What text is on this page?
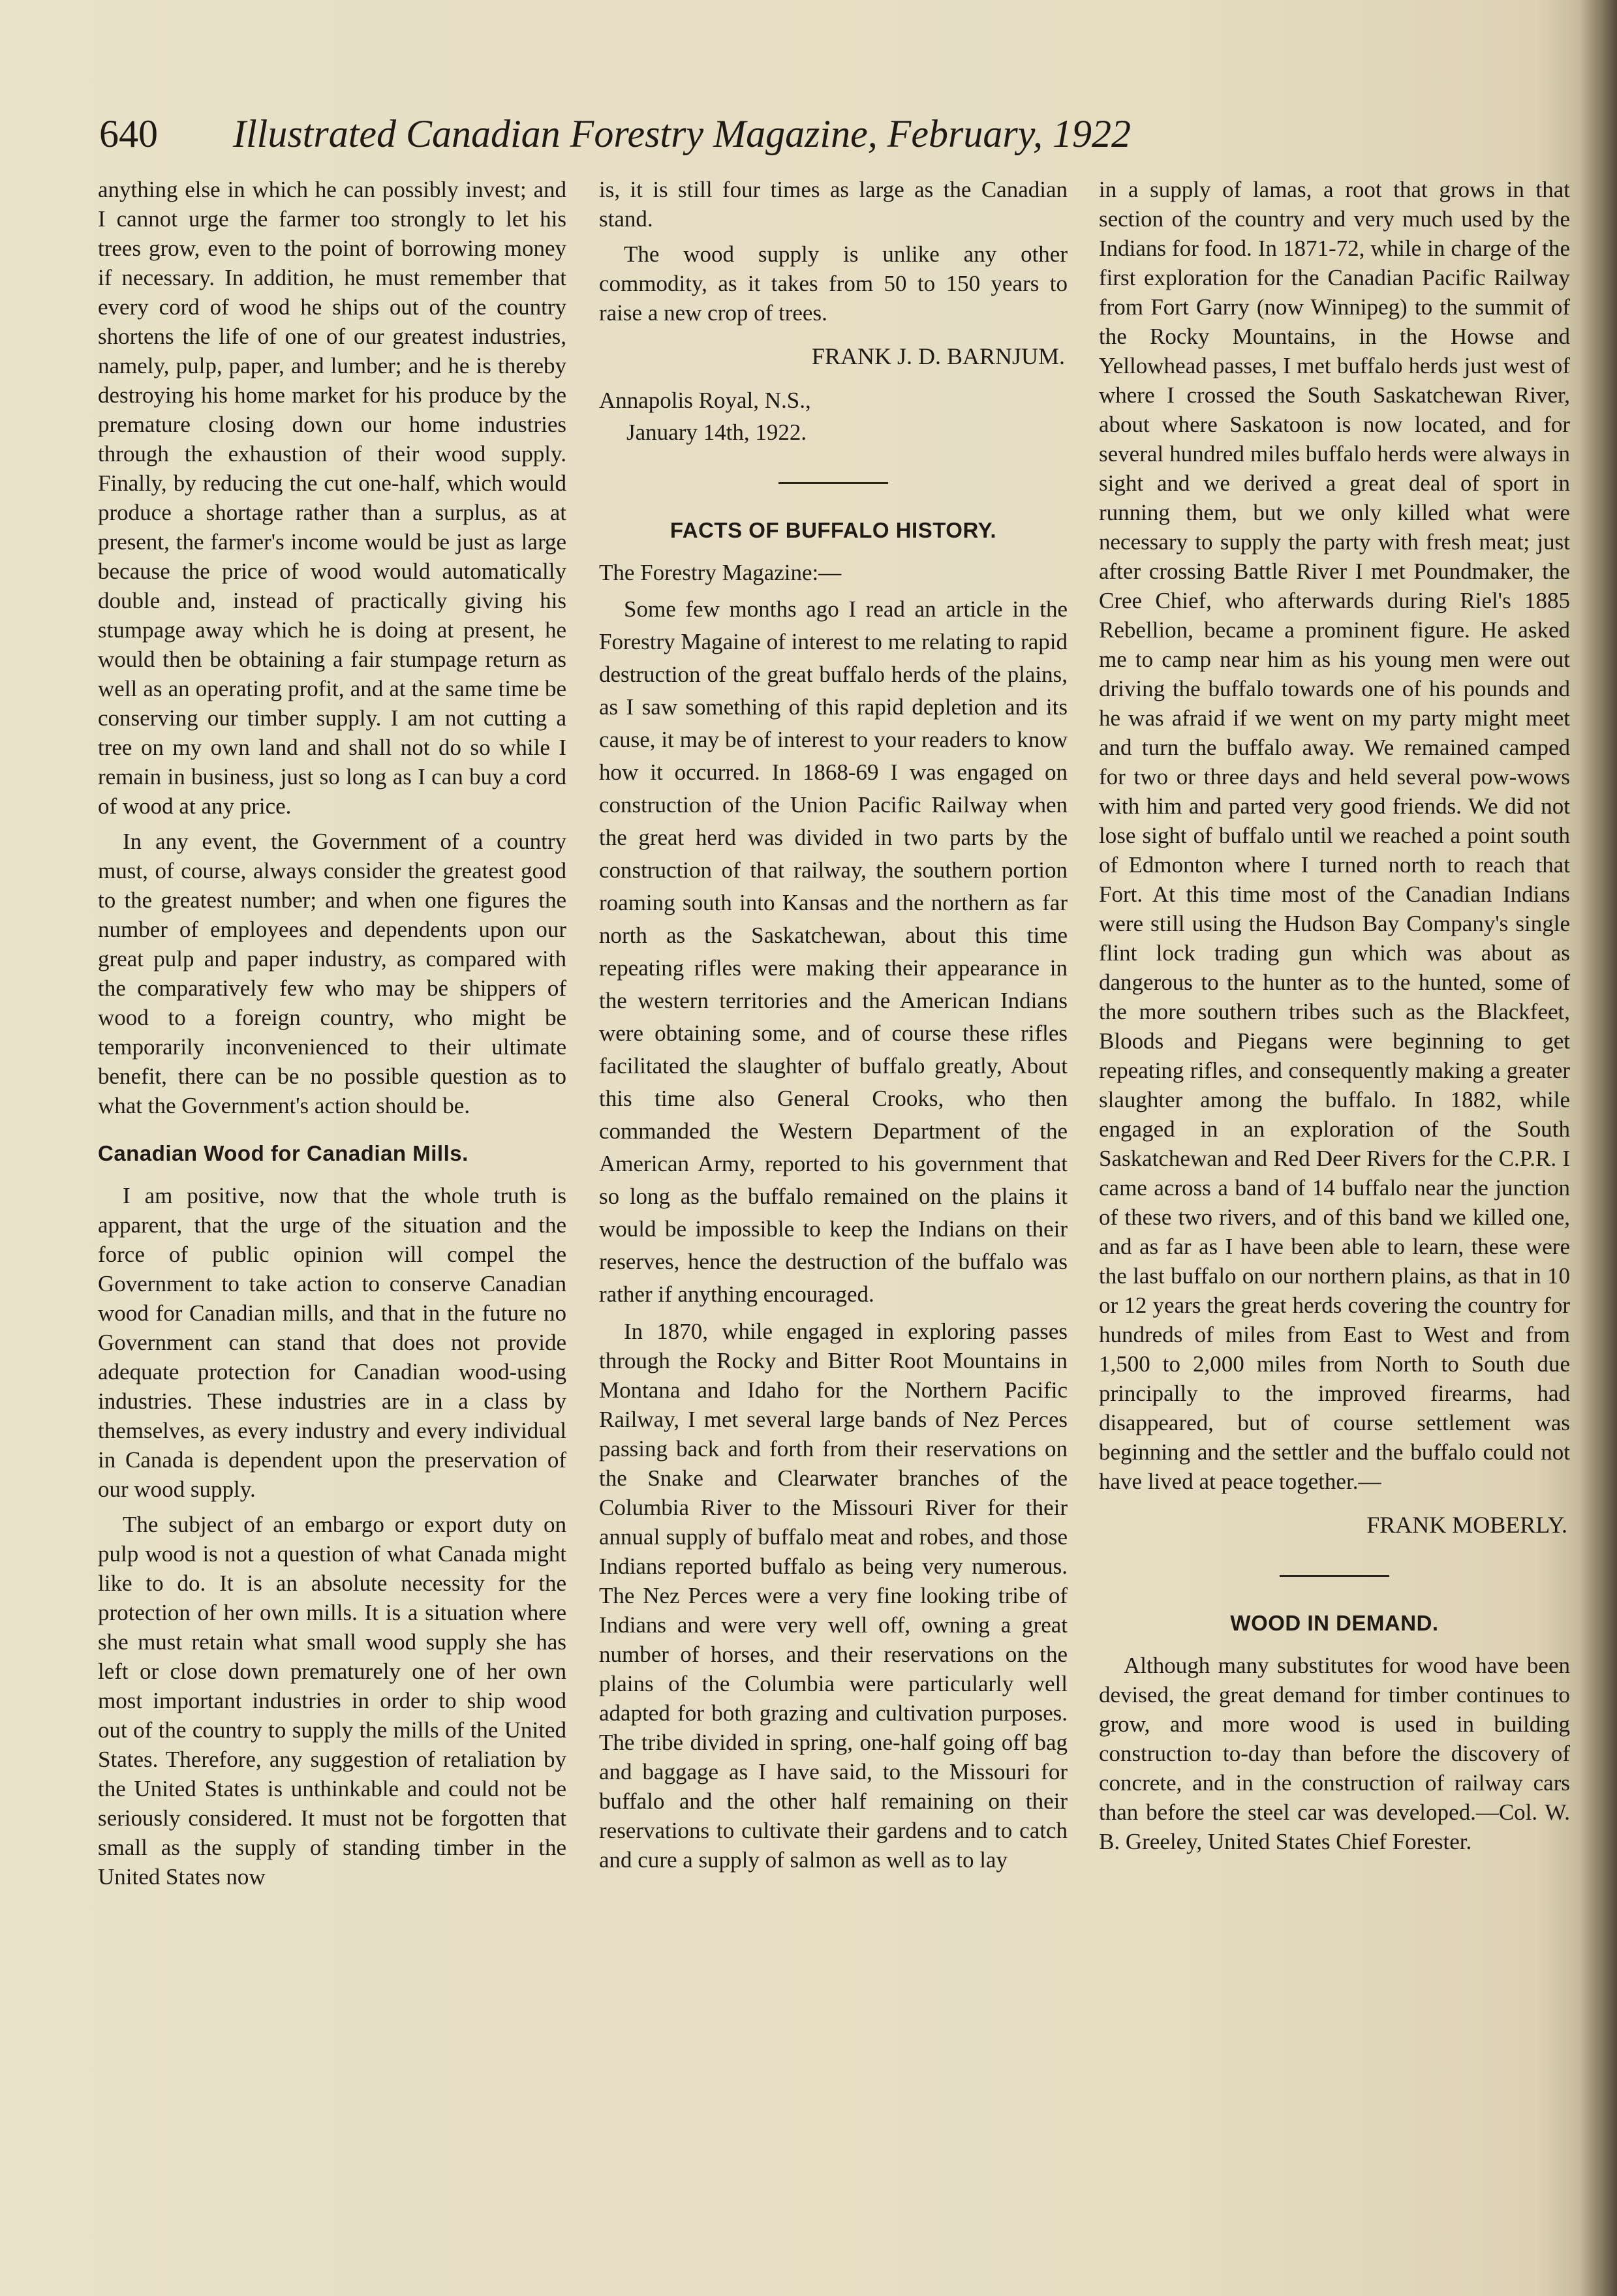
640 Illustrated Canadian Forestry Magazine, February, 1922

anything else in which he can possibly invest; and I cannot urge the farmer too strongly to let his trees grow, even to the point of borrowing money if necessary. In addition, he must remember that every cord of wood he ships out of the country shortens the life of one of our greatest industries, namely, pulp, paper, and lumber; and he is thereby destroying his home market for his produce by the premature closing down our home industries through the exhaustion of their wood supply. Finally, by reducing the cut one-half, which would produce a shortage rather than a surplus, as at present, the farmer's income would be just as large because the price of wood would automatically double and, instead of practically giving his stumpage away which he is doing at present, he would then be obtaining a fair stumpage return as well as an operating profit, and at the same time be conserving our timber supply. I am not cutting a tree on my own land and shall not do so while I remain in business, just so long as I can buy a cord of wood at any price.

In any event, the Government of a country must, of course, always consider the greatest good to the greatest number; and when one figures the number of employees and dependents upon our great pulp and paper industry, as compared with the comparatively few who may be shippers of wood to a foreign country, who might be temporarily inconvenienced to their ultimate benefit, there can be no possible question as to what the Government's action should be.

Canadian Wood for Canadian Mills.

I am positive, now that the whole truth is apparent, that the urge of the situation and the force of public opinion will compel the Government to take action to conserve Canadian wood for Canadian mills, and that in the future no Government can stand that does not provide adequate protection for Canadian wood-using industries. These industries are in a class by themselves, as every industry and every individual in Canada is dependent upon the preservation of our wood supply.

The subject of an embargo or export duty on pulp wood is not a question of what Canada might like to do. It is an absolute necessity for the protection of her own mills. It is a situation where she must retain what small wood supply she has left or close down prematurely one of her own most important industries in order to ship wood out of the country to supply the mills of the United States. Therefore, any suggestion of retaliation by the United States is unthinkable and could not be seriously considered. It must not be forgotten that small as the supply of standing timber in the United States now

is, it is still four times as large as the Canadian stand.

The wood supply is unlike any other commodity, as it takes from 50 to 150 years to raise a new crop of trees.

FRANK J. D. BARNJUM.

Annapolis Royal, N.S.,

January 14th, 1922.

FACTS OF BUFFALO HISTORY.

The Forestry Magazine:—

Some few months ago I read an article in the Forestry Magaine of interest to me relating to rapid destruction of the great buffalo herds of the plains, as I saw something of this rapid depletion and its cause, it may be of interest to your readers to know how it occurred. In 1868-69 I was engaged on construction of the Union Pacific Railway when the great herd was divided in two parts by the construction of that railway, the southern portion roaming south into Kansas and the northern as far north as the Saskatchewan, about this time repeating rifles were making their appearance in the western territories and the American Indians were obtaining some, and of course these rifles facilitated the slaughter of buffalo greatly, About this time also General Crooks, who then commanded the Western Department of the American Army, reported to his government that so long as the buffalo remained on the plains it would be impossible to keep the Indians on their reserves, hence the destruction of the buffalo was rather if anything encouraged.

In 1870, while engaged in exploring passes through the Rocky and Bitter Root Mountains in Montana and Idaho for the Northern Pacific Railway, I met several large bands of Nez Perces passing back and forth from their reservations on the Snake and Clearwater branches of the Columbia River to the Missouri River for their annual supply of buffalo meat and robes, and those Indians reported buffalo as being very numerous. The Nez Perces were a very fine looking tribe of Indians and were very well off, owning a great number of horses, and their reservations on the plains of the Columbia were particularly well adapted for both grazing and cultivation purposes. The tribe divided in spring, one-half going off bag and baggage as I have said, to the Missouri for buffalo and the other half remaining on their reservations to cultivate their gardens and to catch and cure a supply of salmon as well as to lay

in a supply of lamas, a root that grows in that section of the country and very much used by the Indians for food. In 1871-72, while in charge of the first exploration for the Canadian Pacific Railway from Fort Garry (now Winnipeg) to the summit of the Rocky Mountains, in the Howse and Yellowhead passes, I met buffalo herds just west of where I crossed the South Saskatchewan River, about where Saskatoon is now located, and for several hundred miles buffalo herds were always in sight and we derived a great deal of sport in running them, but we only killed what were necessary to supply the party with fresh meat; just after crossing Battle River I met Poundmaker, the Cree Chief, who afterwards during Riel's 1885 Rebellion, became a prominent figure. He asked me to camp near him as his young men were out driving the buffalo towards one of his pounds and he was afraid if we went on my party might meet and turn the buffalo away. We remained camped for two or three days and held several pow-wows with him and parted very good friends. We did not lose sight of buffalo until we reached a point south of Edmonton where I turned north to reach that Fort. At this time most of the Canadian Indians were still using the Hudson Bay Company's single flint lock trading gun which was about as dangerous to the hunter as to the hunted, some of the more southern tribes such as the Blackfeet, Bloods and Piegans were beginning to get repeating rifles, and consequently making a greater slaughter among the buffalo. In 1882, while engaged in an exploration of the South Saskatchewan and Red Deer Rivers for the C.P.R. I came across a band of 14 buffalo near the junction of these two rivers, and of this band we killed one, and as far as I have been able to learn, these were the last buffalo on our northern plains, as that in 10 or 12 years the great herds covering the country for hundreds of miles from East to West and from 1,500 to 2,000 miles from North to South due principally to the improved firearms, had disappeared, but of course settlement was beginning and the settler and the buffalo could not have lived at peace together.—

FRANK MOBERLY.
WOOD IN DEMAND.

Although many substitutes for wood have been devised, the great demand for timber continues to grow, and more wood is used in building construction to-day than before the discovery of concrete, and in the construction of railway cars than before the steel car was developed.—Col. W. B. Greeley, United States Chief Forester.
